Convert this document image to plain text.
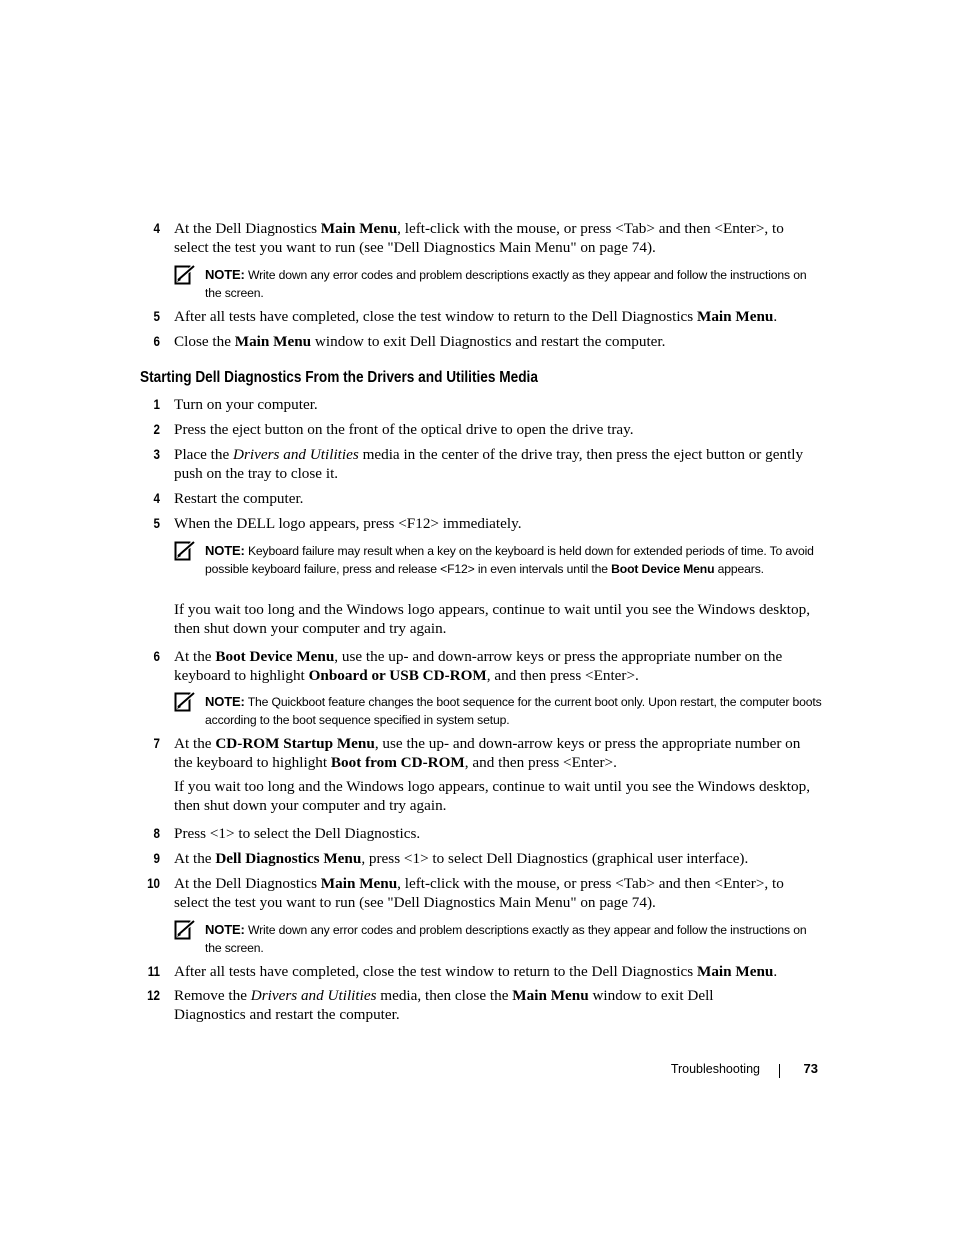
4 At the Dell Diagnostics Main Menu, left-click with the mouse, or press <Tab> and then <Enter>, to select the test you want to run (see "Dell Diagnostics Main Menu" on page 74).
NOTE: Write down any error codes and problem descriptions exactly as they appear and follow the instructions on the screen.
5 After all tests have completed, close the test window to return to the Dell Diagnostics Main Menu.
6 Close the Main Menu window to exit Dell Diagnostics and restart the computer.
Starting Dell Diagnostics From the Drivers and Utilities Media
1 Turn on your computer.
2 Press the eject button on the front of the optical drive to open the drive tray.
3 Place the Drivers and Utilities media in the center of the drive tray, then press the eject button or gently push on the tray to close it.
4 Restart the computer.
5 When the DELL logo appears, press <F12> immediately.
NOTE: Keyboard failure may result when a key on the keyboard is held down for extended periods of time. To avoid possible keyboard failure, press and release <F12> in even intervals until the Boot Device Menu appears.
If you wait too long and the Windows logo appears, continue to wait until you see the Windows desktop, then shut down your computer and try again.
6 At the Boot Device Menu, use the up- and down-arrow keys or press the appropriate number on the keyboard to highlight Onboard or USB CD-ROM, and then press <Enter>.
NOTE: The Quickboot feature changes the boot sequence for the current boot only. Upon restart, the computer boots according to the boot sequence specified in system setup.
7 At the CD-ROM Startup Menu, use the up- and down-arrow keys or press the appropriate number on the keyboard to highlight Boot from CD-ROM, and then press <Enter>.
If you wait too long and the Windows logo appears, continue to wait until you see the Windows desktop, then shut down your computer and try again.
8 Press <1> to select the Dell Diagnostics.
9 At the Dell Diagnostics Menu, press <1> to select Dell Diagnostics (graphical user interface).
10 At the Dell Diagnostics Main Menu, left-click with the mouse, or press <Tab> and then <Enter>, to select the test you want to run (see "Dell Diagnostics Main Menu" on page 74).
NOTE: Write down any error codes and problem descriptions exactly as they appear and follow the instructions on the screen.
11 After all tests have completed, close the test window to return to the Dell Diagnostics Main Menu.
12 Remove the Drivers and Utilities media, then close the Main Menu window to exit Dell Diagnostics and restart the computer.
Troubleshooting	73
